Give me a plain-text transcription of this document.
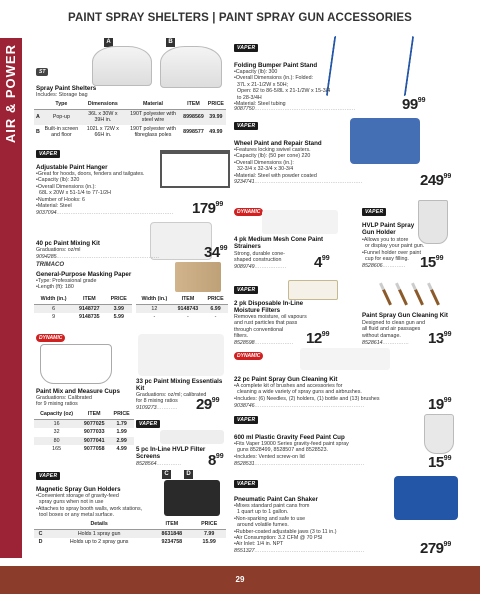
PAINT SPRAY SHELTERS | PAINT SPRAY GUN ACCESSORIES
AIR & POWER
A	B
ST
Spray Paint Shelters
Includes: Storage bag
	Type	Dimensions	Material	ITEM	PRICE
A	Pop-up	36L x 30W x 39H in.	190T polyester with steel wire	8998569	39.99
B	Built-in screen and floor	102L x 72W x 66H in.	190T polyester with fibreglass poles	8998577	49.99
VAPER
Folding Bumper Paint Stand
•Capacity (lb): 300
•Overall Dimensions (in.): Folded:
37L x 21-1/2W x 50H;
Open: 82 to 86-5/8L x 21-1/2W x 15-3/4
to 28-3/4H
•Material: Steel tubing
9087750.........................................................	$99^{99}$
VAPER
Wheel Paint and Repair Stand
•Features locking swivel casters.
•Capacity (lb): (50 per cone) 220
•Overall Dimensions (in.):
32-3/4 x 32-3/4 x 30-3/4
•Material: Steel with powder coated
9234741.............................................................	$249^{99}$
VAPER
Adjustable Paint Hanger
•Great for hoods, doors, fenders and tailgates.
•Capacity (lb): 320
•Overall Dimensions (in.):
68L x 20W x 51-1/4 to 77-1/2H
•Number of Hooks: 6
•Material: Steel
9037094..................................................................	$179^{99}$
40 pc Paint Mixing Kit
Graduations: oz/ml
9094285..........................................................	$34^{99}$
TRIMACO
General-Purpose Masking Paper
•Type: Professional grade
•Length (ft): 180
Width (in.)	ITEM	PRICE
6	9148727	3.99
9	9148735	5.99
Width (in.)	ITEM	PRICE
12	9148743	6.99
-	-	-
DYNAMIC
4 pk Medium Mesh Cone Paint Strainers
Strong, durable cone-
shaped construction
9089749..................	$4^{99}$
VAPER
HVLP Paint Spray Gun Holder
•Allows you to store
or display your paint gun.
•Funnel holder over paint
cup for easy filling.
8528606............. $15^{99}$
VAPER
2 pk Disposable In-Line Moisture Filters
Removes moisture, oil vapours
and rust particles that pass
through conventional
filters.
8528598...................... $12^{99}$
Paint Spray Gun Cleaning Kit
Designed to clean gun and
all fluid and air passages
without damage.
8528614...............	$13^{99}$
DYNAMIC
Paint Mix and Measure Cups
Graduations: Calibrated
for 9 mixing ratios
Capacity (oz)	ITEM	PRICE
16	9077025	1.79
32	9077033	1.99
80	9077041	2.99
165	9077058	4.99
33 pc Paint Mixing Essentials Kit
Graduations: oz/ml; calibrated
for 8 mixing ratios
9109273............	$29^{99}$
VAPER
5 pc In-Line HVLP Filter Screens
8528564..............	$8^{99}$
DYNAMIC
22 pc Paint Spray Gun Cleaning Kit
•A complete kit of brushes and accessories for
cleaning a wide variety of spray guns and airbrushes.
•Includes: (6) Needles, (2) holders, (1) bottle and (13) brushes
9038746..............................................................	$19^{99}$
VAPER
600 ml Plastic Gravity Feed Paint Cup
•Fits Vaper 19000 Series gravity-feed paint spray
guns 8528499, 8528507 and 8528523.
•Includes: Vented screw-on lid
8528531..............................................................	$15^{99}$
C	D
VAPER
Magnetic Spray Gun Holders
•Convenient storage of gravity-feed
spray guns when not in use
•Attaches to spray booth walls, work stations,
tool boxes or any metal surface.
	Details	ITEM	PRICE
C	Holds 1 spray gun	8631848	7.99
D	Holds up to 2 spray guns	9234758	15.99
VAPER
Pneumatic Paint Can Shaker
•Mixes standard paint cans from
1 quart up to 1 gallon.
•Non-sparking and safe to use
around volatile fumes.
•Rubber-coated adjustable jaws (3 to 11 in.)
•Air Consumption: 3.2 CFM @ 70 PSI
•Air Inlet: 1/4 in. NPT
8551327..............................................................	$279^{99}$
29
